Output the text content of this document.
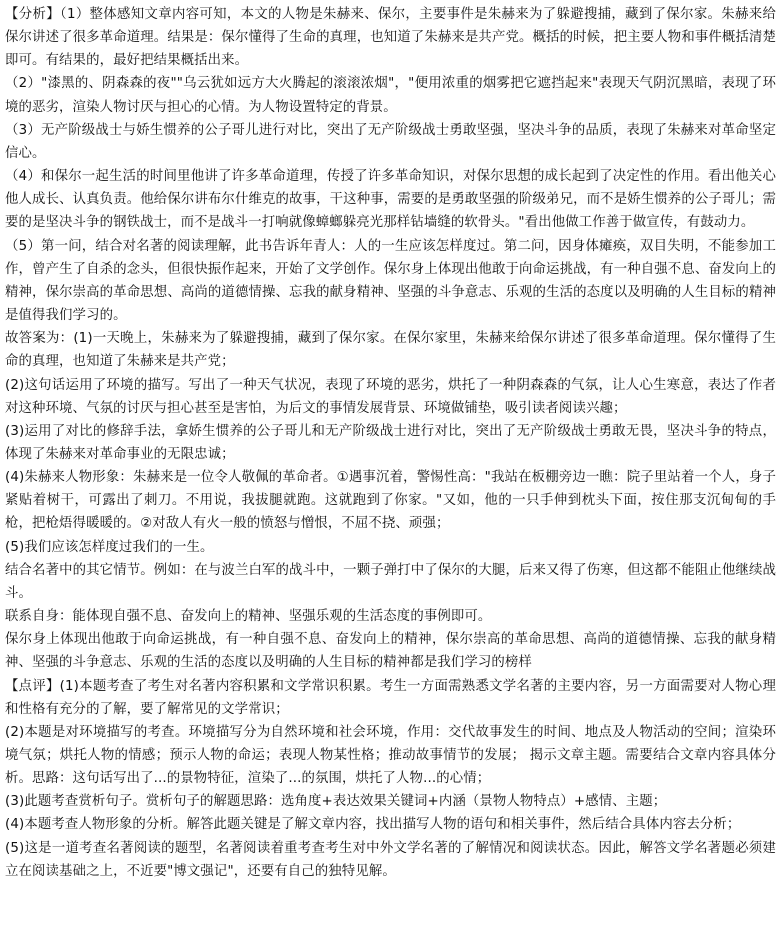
【分析】（1）整体感知文章内容可知，本文的人物是朱赫来、保尔，主要事件是朱赫来为了躲避搜捕，藏到了保尔家。朱赫来给保尔讲述了很多革命道理。结果是：保尔懂得了生命的真理，也知道了朱赫来是共产党。概括的时候，把主要人物和事件概括清楚即可。有结果的，最好把结果概括出来。

（2）"漆黑的、阴森森的夜""乌云犹如远方大火腾起的滚滚浓烟"，"便用浓重的烟雾把它遮挡起来"表现天气阴沉黑暗，表现了环境的恶劣，渲染人物讨厌与担心的心情。为人物设置特定的背景。

（3）无产阶级战士与娇生惯养的公子哥儿进行对比，突出了无产阶级战士勇敢坚强，坚决斗争的品质，表现了朱赫来对革命坚定信心。

（4）和保尔一起生活的时间里他讲了许多革命道理，传授了许多革命知识，对保尔思想的成长起到了决定性的作用。看出他关心他人成长、认真负责。他给保尔讲布尔什维克的故事，干这种事，需要的是勇敢坚强的阶级弟兄，而不是娇生惯养的公子哥儿；需要的是坚决斗争的钢铁战士，而不是战斗一打响就像蟑螂躲亮光那样钻墙缝的软骨头。"看出他做工作善于做宣传，有鼓动力。

（5）第一问，结合对名著的阅读理解，此书告诉年青人：人的一生应该怎样度过。第二问，因身体瘫痪，双目失明，不能参加工作，曾产生了自杀的念头，但很快振作起来，开始了文学创作。保尔身上体现出他敢于向命运挑战，有一种自强不息、奋发向上的精神，保尔崇高的革命思想、高尚的道德情操、忘我的献身精神、坚强的斗争意志、乐观的生活的态度以及明确的人生目标的精神是值得我们学习的。

故答案为：(1)一天晚上，朱赫来为了躲避搜捕，藏到了保尔家。在保尔家里，朱赫来给保尔讲述了很多革命道理。保尔懂得了生命的真理，也知道了朱赫来是共产党；

(2)这句话运用了环境的描写。写出了一种天气状况，表现了环境的恶劣，烘托了一种阴森森的气氛，让人心生寒意，表达了作者对这种环境、气氛的讨厌与担心甚至是害怕，为后文的事情发展背景、环境做铺垫，吸引读者阅读兴趣；

(3)运用了对比的修辞手法，拿娇生惯养的公子哥儿和无产阶级战士进行对比，突出了无产阶级战士勇敢无畏，坚决斗争的特点，体现了朱赫来对革命事业的无限忠诚；

(4)朱赫来人物形象：朱赫来是一位令人敬佩的革命者。①遇事沉着，警惕性高："我站在板棚旁边一瞧：院子里站着一个人，身子紧贴着树干，可露出了刺刀。不用说，我拔腿就跑。这就跑到了你家。"又如，他的一只手伸到枕头下面，按住那支沉甸甸的手枪，把枪焐得暖暖的。②对敌人有火一般的愤怒与憎恨，不屈不挠、顽强；

(5)我们应该怎样度过我们的一生。

结合名著中的其它情节。例如：在与波兰白军的战斗中，一颗子弹打中了保尔的大腿，后来又得了伤寒，但这都不能阻止他继续战斗。

联系自身：能体现自强不息、奋发向上的精神、坚强乐观的生活态度的事例即可。

保尔身上体现出他敢于向命运挑战，有一种自强不息、奋发向上的精神，保尔崇高的革命思想、高尚的道德情操、忘我的献身精神、坚强的斗争意志、乐观的生活的态度以及明确的人生目标的精神都是我们学习的榜样

【点评】(1)本题考查了考生对名著内容积累和文学常识积累。考生一方面需熟悉文学名著的主要内容，另一方面需要对人物心理和性格有充分的了解，要了解常见的文学常识；

(2)本题是对环境描写的考查。环境描写分为自然环境和社会环境，作用：交代故事发生的时间、地点及人物活动的空间；渲染环境气氛；烘托人物的情感；预示人物的命运；表现人物某性格；推动故事情节的发展； 揭示文章主题。需要结合文章内容具体分析。思路：这句话写出了...的景物特征，渲染了...的氛围，烘托了人物...的心情；

(3)此题考查赏析句子。赏析句子的解题思路：选角度+表达效果关键词+内涵（景物人物特点）+感情、主题；

(4)本题考查人物形象的分析。解答此题关键是了解文章内容，找出描写人物的语句和相关事件，然后结合具体内容去分析；

(5)这是一道考查名著阅读的题型，名著阅读着重考查考生对中外文学名著的了解情况和阅读状态。因此，解答文学名著题必须建立在阅读基础之上，不近要"博文强记"，还要有自己的独特见解。
